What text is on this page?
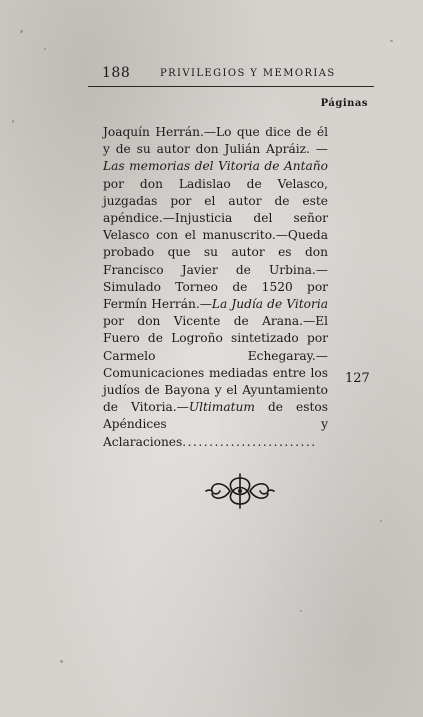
188	PRIVILEGIOS Y MEMORIAS
Páginas
Joaquín Herrán.—Lo que dice de él y de su autor don Julián Apráiz. — Las memorias del Vitoria de Antaño por don Ladislao de Velasco, juzgadas por el autor de este apéndice.—Injusticia del señor Velasco con el manuscrito.—Queda probado que su autor es don Francisco Javier de Urbina.—Simulado Torneo de 1520 por Fermín Herrán.—La Judía de Vitoria por don Vicente de Arana.—El Fuero de Logroño sintetizado por Carmelo Echegaray.—Comunicaciones mediadas entre los judíos de Bayona y el Ayuntamiento de Vitoria.—Ultimatum de estos Apéndices y Aclaraciones.........................
127
